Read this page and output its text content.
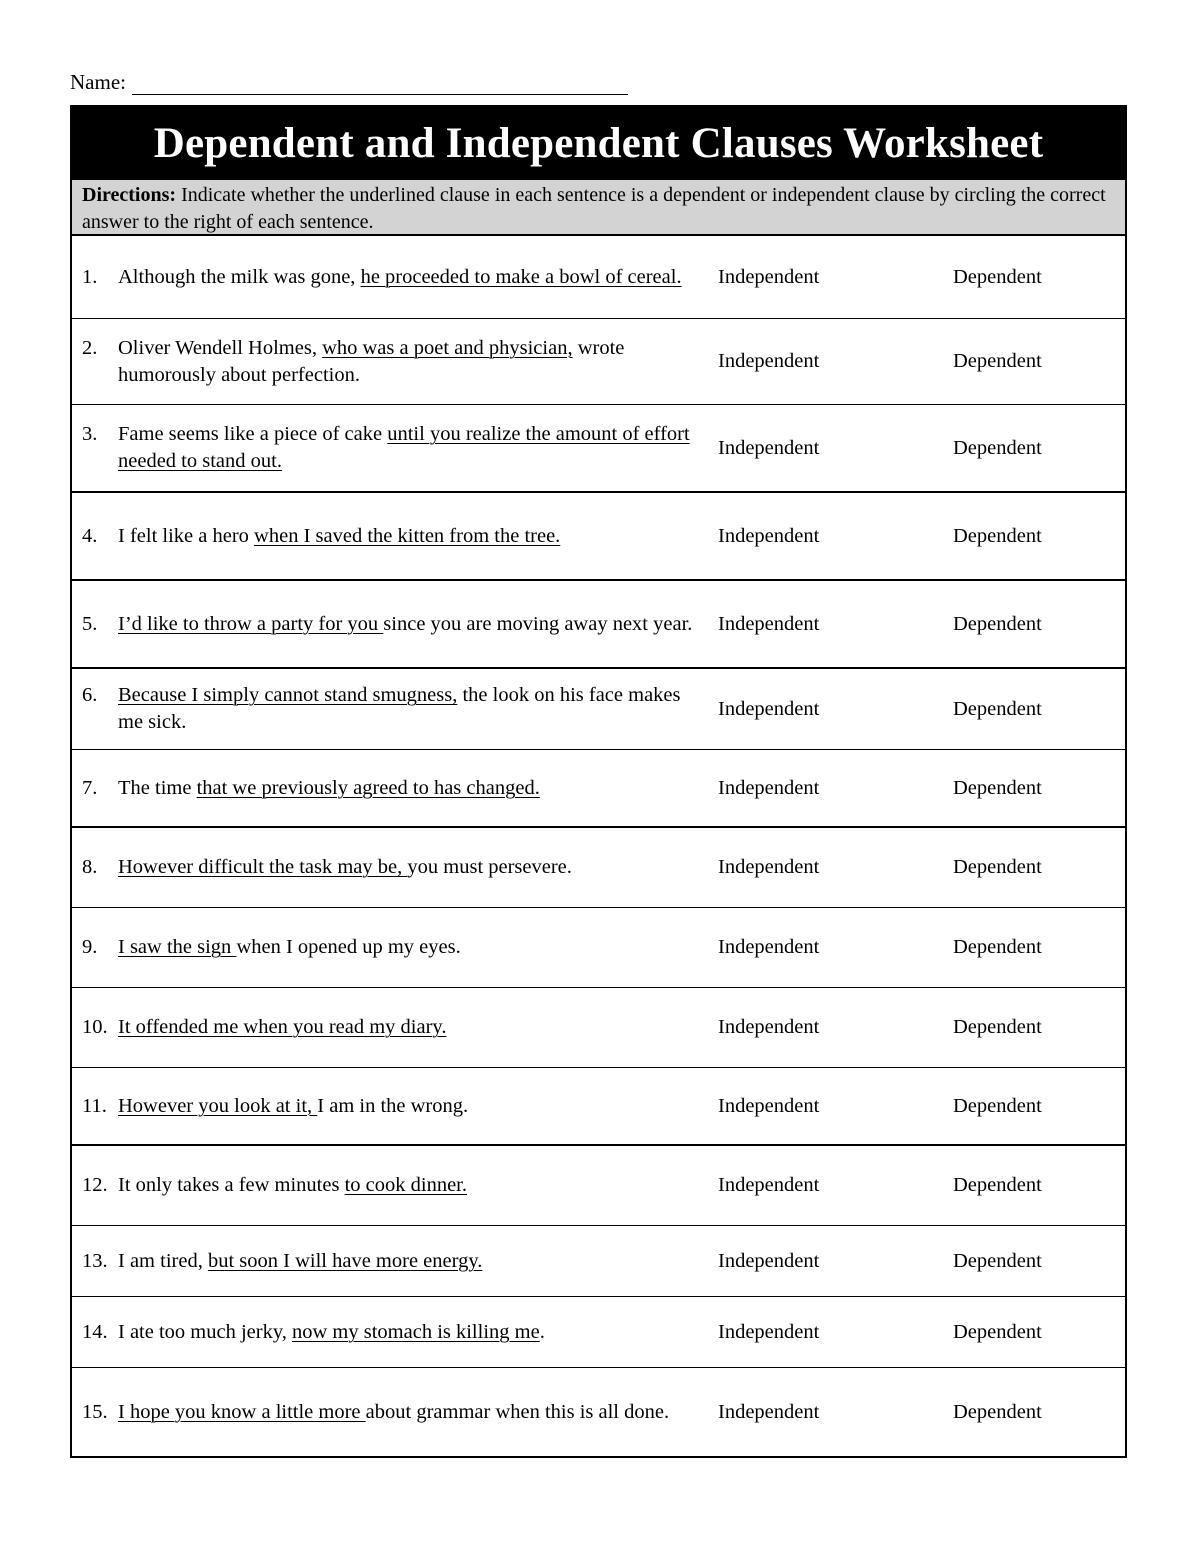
Name:
Dependent and Independent Clauses Worksheet
Directions: Indicate whether the underlined clause in each sentence is a dependent or independent clause by circling the correct answer to the right of each sentence.
1.	Although the milk was gone, he proceeded to make a bowl of cereal.	Independent	Dependent
2.	Oliver Wendell Holmes, who was a poet and physician, wrote humorously about perfection.
Independent	Dependent
3.	Fame seems like a piece of cake until you realize the amount of effort needed to stand out.
Independent	Dependent
4.	I felt like a hero when I saved the kitten from the tree.	Independent	Dependent
5.	I’d like to throw a party for you since you are moving away next year.	Independent	Dependent
6.	Because I simply cannot stand smugness, the look on his face makes me sick.
Independent	Dependent
7.	The time that we previously agreed to has changed.	Independent	Dependent
8.	However difficult the task may be, you must persevere.	Independent	Dependent
9.	I saw the sign when I opened up my eyes.	Independent	Dependent
10. It offended me when you read my diary.	Independent	Dependent
11. However you look at it, I am in the wrong.	Independent	Dependent
12. It only takes a few minutes to cook dinner.	Independent	Dependent
13. I am tired, but soon I will have more energy.	Independent	Dependent
14. I ate too much jerky, now my stomach is killing me.	Independent	Dependent
15. I hope you know a little more about grammar when this is all done.	Independent	Dependent
